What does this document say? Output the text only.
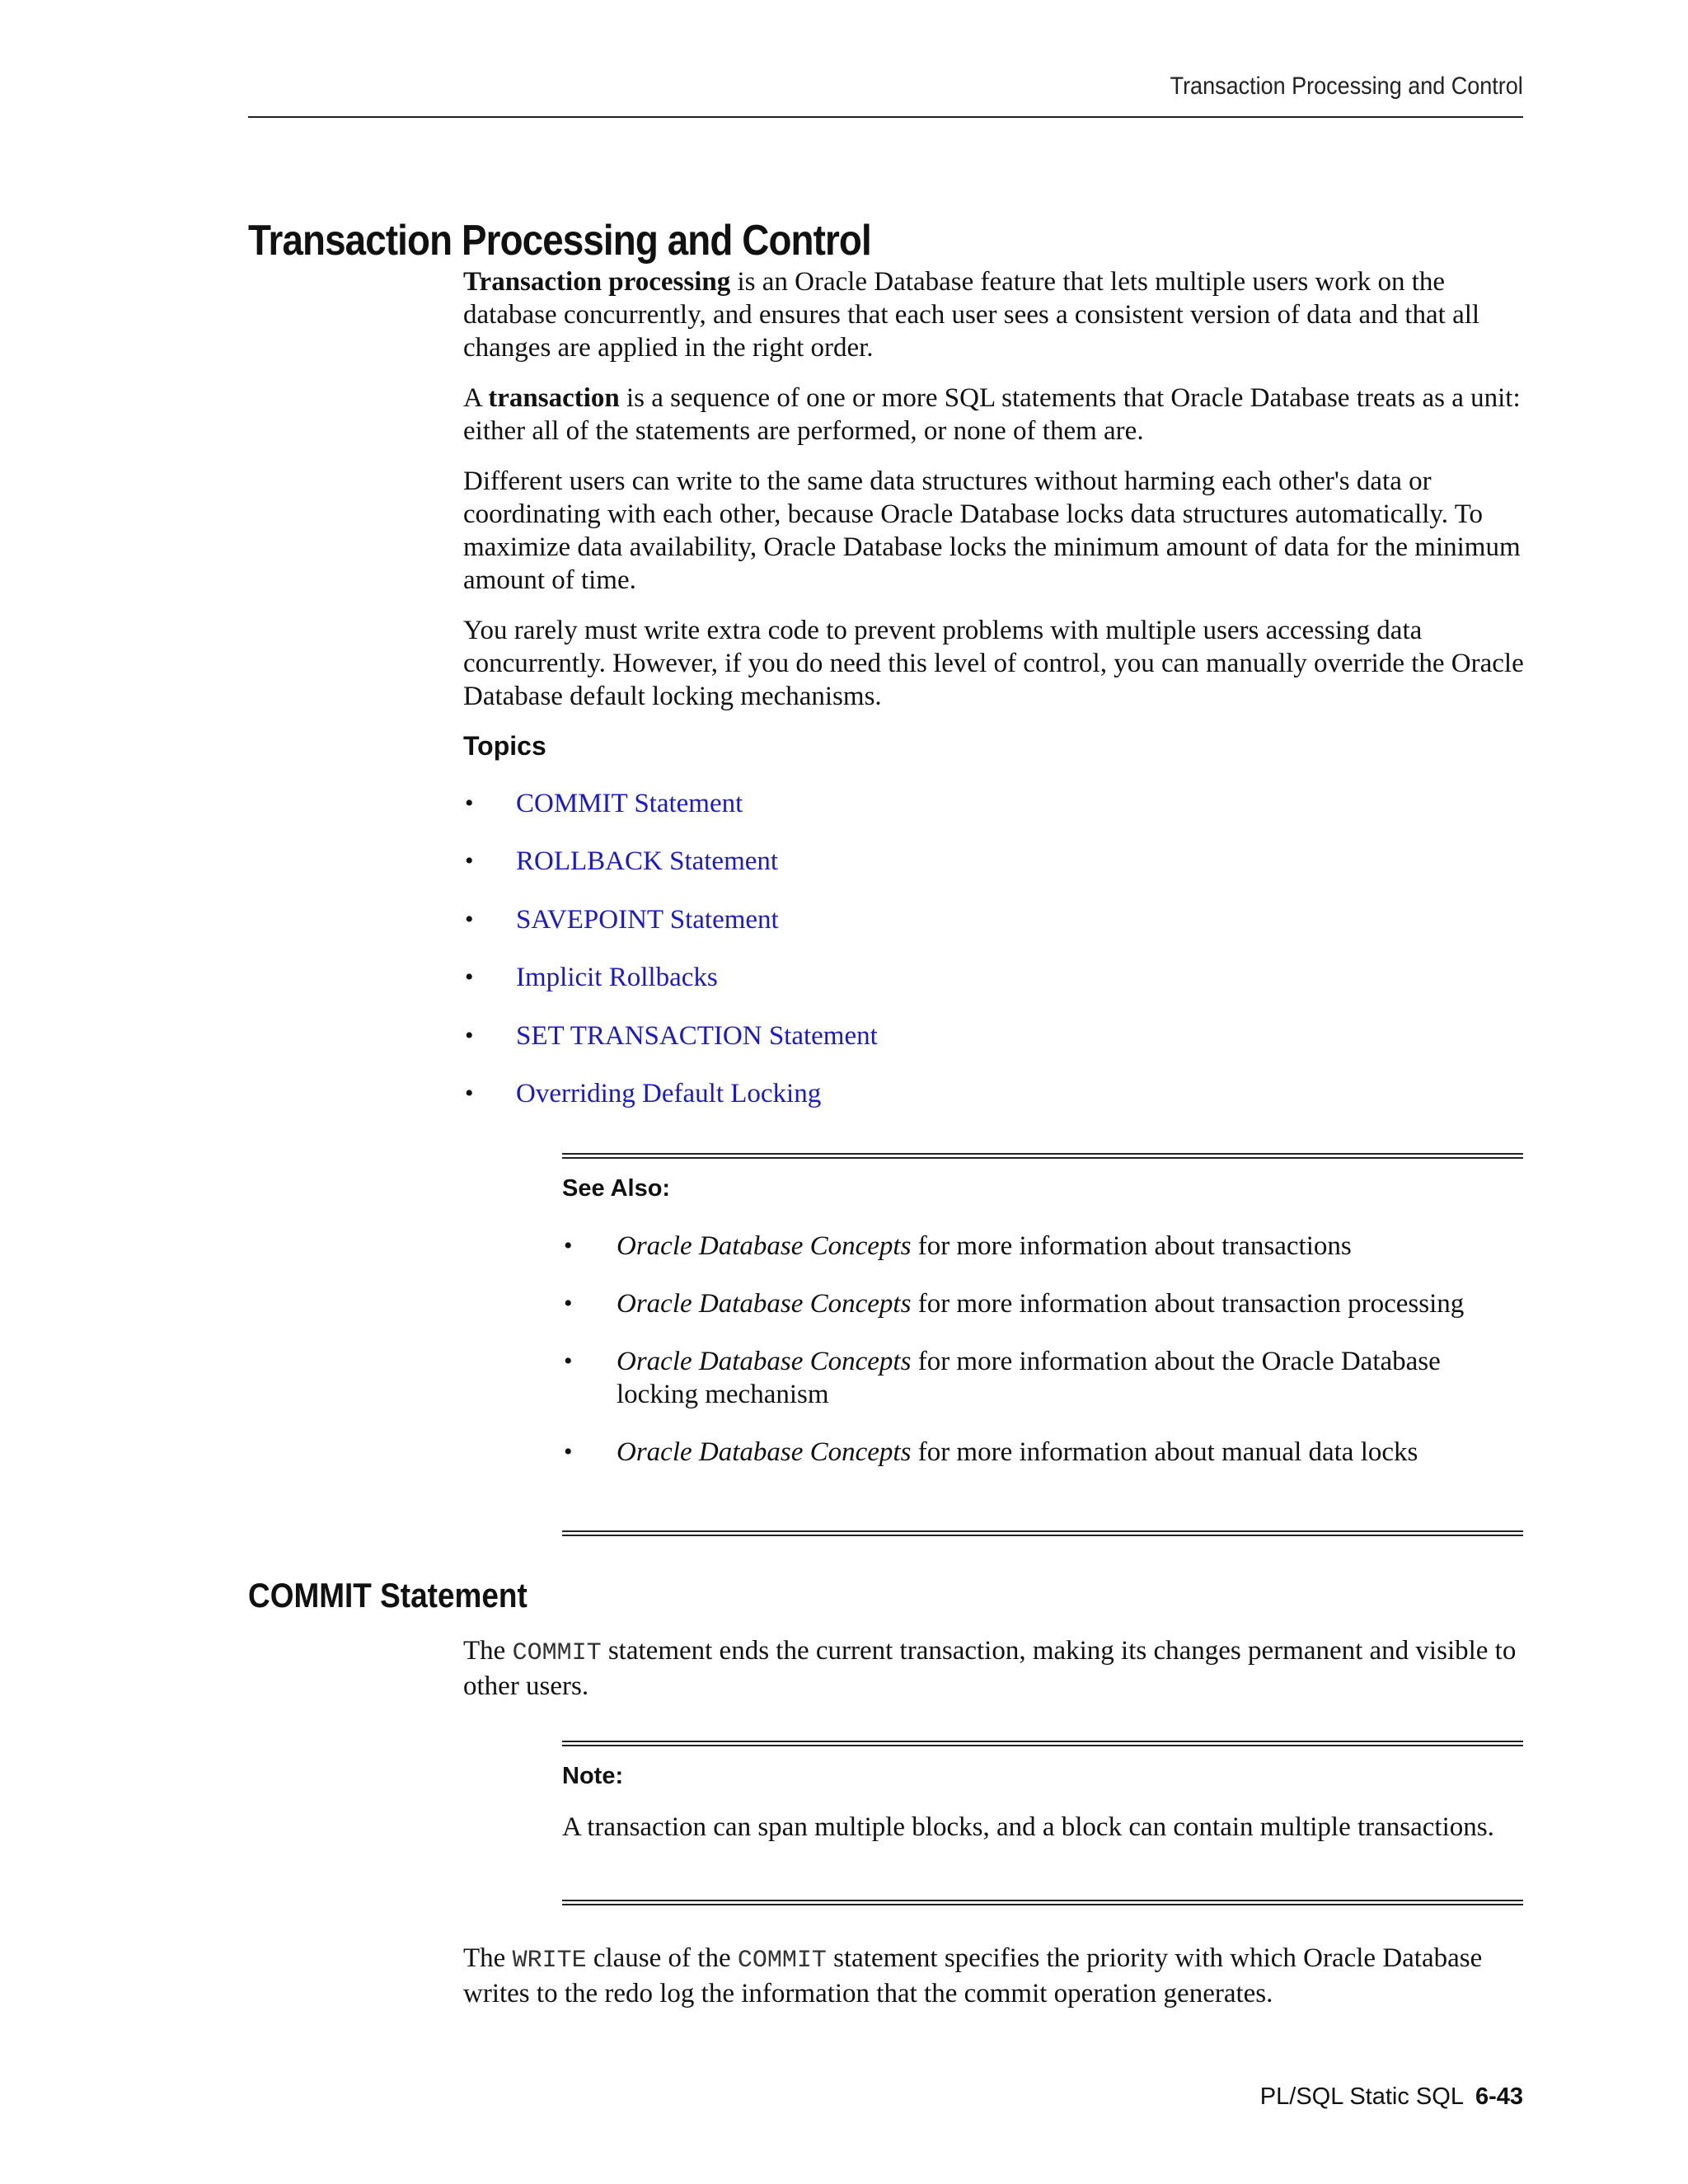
Transaction Processing and Control
Transaction Processing and Control

Transaction processing is an Oracle Database feature that lets multiple users work on the database concurrently, and ensures that each user sees a consistent version of data and that all changes are applied in the right order.

A transaction is a sequence of one or more SQL statements that Oracle Database treats as a unit: either all of the statements are performed, or none of them are.

Different users can write to the same data structures without harming each other's data or coordinating with each other, because Oracle Database locks data structures automatically. To maximize data availability, Oracle Database locks the minimum amount of data for the minimum amount of time.

You rarely must write extra code to prevent problems with multiple users accessing data concurrently. However, if you do need this level of control, you can manually override the Oracle Database default locking mechanisms.

Topics
• COMMIT Statement
• ROLLBACK Statement
• SAVEPOINT Statement
• Implicit Rollbacks
• SET TRANSACTION Statement
• Overriding Default Locking
See Also:
• Oracle Database Concepts for more information about transactions
• Oracle Database Concepts for more information about transaction processing
• Oracle Database Concepts for more information about the Oracle Database locking mechanism
• Oracle Database Concepts for more information about manual data locks
COMMIT Statement

The COMMIT statement ends the current transaction, making its changes permanent and visible to other users.

Note:

A transaction can span multiple blocks, and a block can contain multiple transactions.

The WRITE clause of the COMMIT statement specifies the priority with which Oracle Database writes to the redo log the information that the commit operation generates.

PL/SQL Static SQL 6-43
